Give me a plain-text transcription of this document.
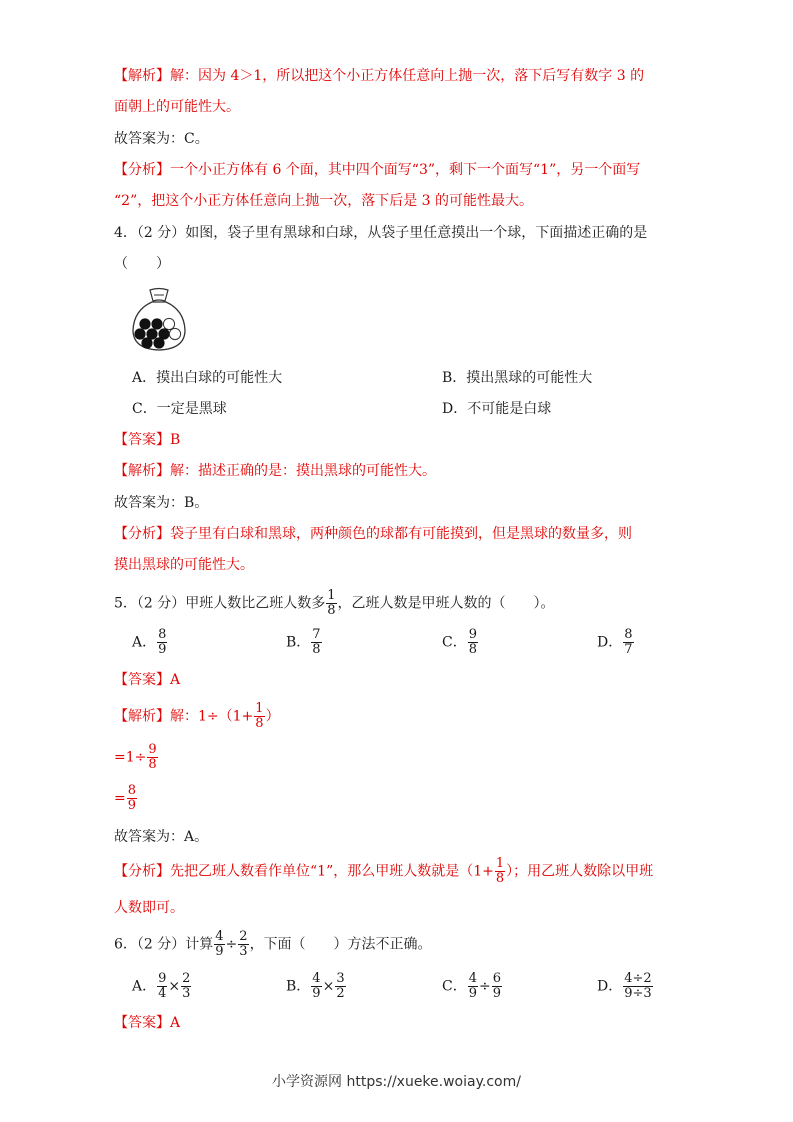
【解析】解：因为 4＞1，所以把这个小正方体任意向上抛一次，落下后写有数字 3 的
面朝上的可能性大。
故答案为：C。
【分析】一个小正方体有 6 个面，其中四个面写“3”，剩下一个面写“1”，另一个面写
“2”，把这个小正方体任意向上抛一次，落下后是 3 的可能性最大。
4．（2 分）如图，袋子里有黑球和白球，从袋子里任意摸出一个球，下面描述正确的是
（　　）
A．摸出白球的可能性大	B．摸出黑球的可能性大
C．一定是黑球	D．不可能是白球
【答案】B
【解析】解：描述正确的是：摸出黑球的可能性大。
故答案为：B。
【分析】袋子里有白球和黑球，两种颜色的球都有可能摸到，但是黑球的数量多，则
摸出黑球的可能性大。
5．（2 分）甲班人数比乙班人数多 $\frac{1}{8}$ ，乙班人数是甲班人数的（　　）。
A． $\frac{8}{9}$	B． $\frac{7}{8}$	C． $\frac{9}{8}$	D． $\frac{8}{7}$
【答案】A
【解析】解：$1\div(1+ \frac{1}{8}$ ）
$=1\div \frac{9}{8}$
= $\frac{8}{9}$
故答案为：A。
【分析】先把乙班人数看作单位“1”，那么甲班人数就是（$1+ \frac{1}{8}$ ）；用乙班人数除以甲班
人数即可。
6．（2 分）计算 $\frac{4}{9} \div \frac{2}{3}$ ，下面（　　）方法不正确。
A． $\frac{9}{4} \times \frac{2}{3}$	B． $\frac{4}{9} \times \frac{3}{2}$	C． $\frac{4}{9} \div \frac{6}{9}$	D． $\frac{4\div 2}{9\div 3}$
【答案】A
小学资源网 https://xueke.woiay.com/
